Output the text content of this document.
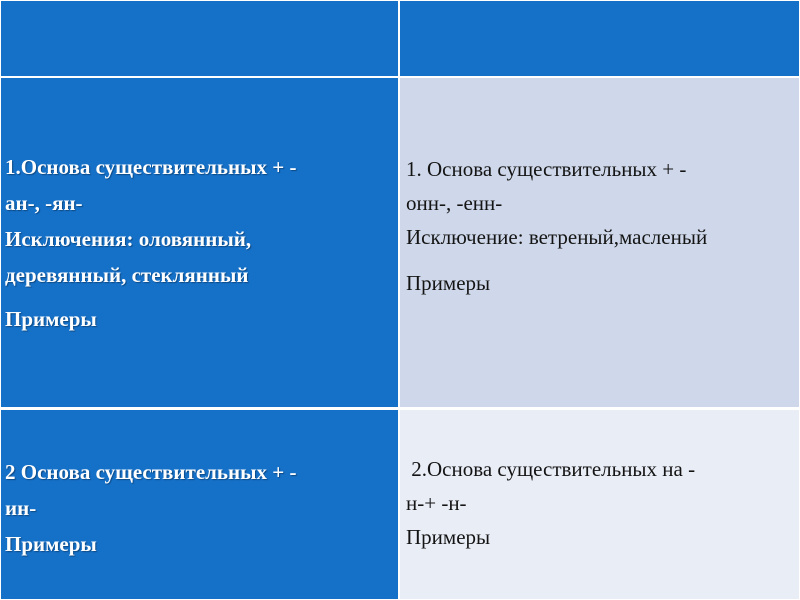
1.Основа существительных + -
ан-, -ян-
Исключения: оловянный,
деревянный, стеклянный
Примеры
1. Основа существительных + -
онн-, -енн-
Исключение: ветреный,масленый
Примеры
2 Основа существительных + -
ин-
Примеры
2.Основа существительных на -
н-+ -н-
Примеры
